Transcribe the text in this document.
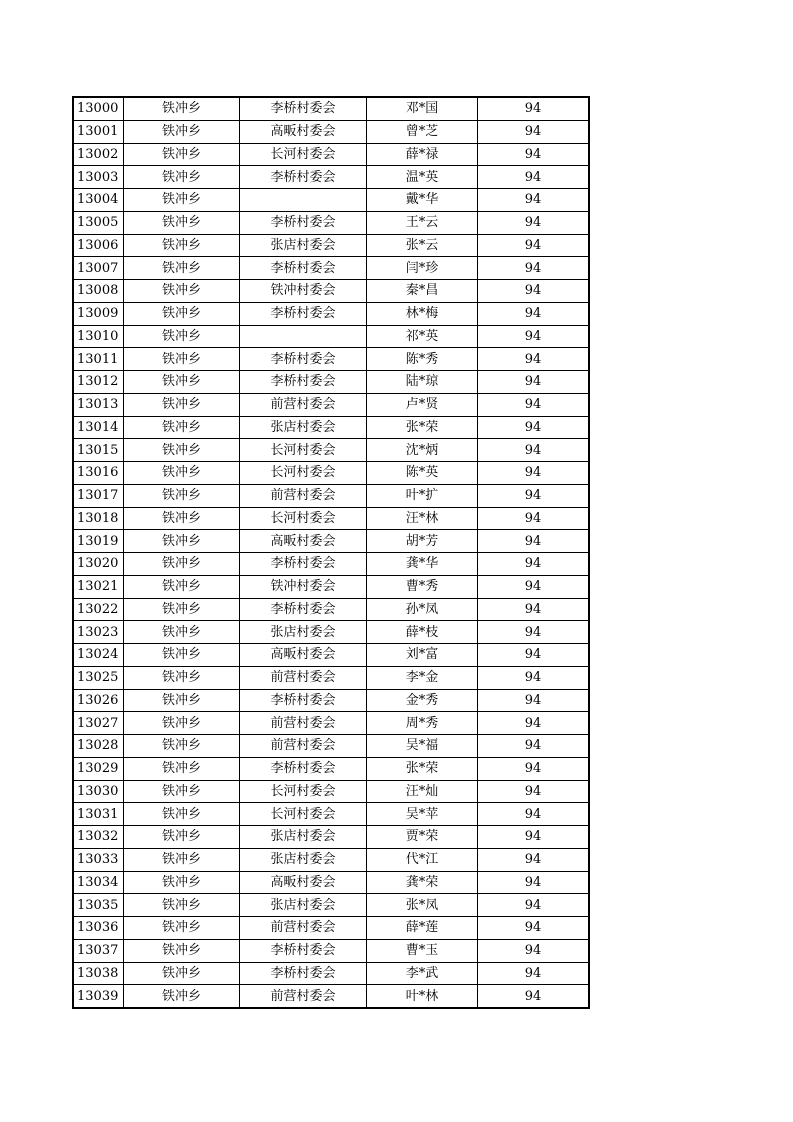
13000	铁冲乡	李桥村委会	邓*国	94
13001	铁冲乡	高畈村委会	曾*芝	94
13002	铁冲乡	长河村委会	薛*禄	94
13003	铁冲乡	李桥村委会	温*英	94
13004	铁冲乡		戴*华	94
13005	铁冲乡	李桥村委会	王*云	94
13006	铁冲乡	张店村委会	张*云	94
13007	铁冲乡	李桥村委会	闫*珍	94
13008	铁冲乡	铁冲村委会	秦*昌	94
13009	铁冲乡	李桥村委会	林*梅	94
13010	铁冲乡		祁*英	94
13011	铁冲乡	李桥村委会	陈*秀	94
13012	铁冲乡	李桥村委会	陆*琼	94
13013	铁冲乡	前营村委会	卢*贤	94
13014	铁冲乡	张店村委会	张*荣	94
13015	铁冲乡	长河村委会	沈*炳	94
13016	铁冲乡	长河村委会	陈*英	94
13017	铁冲乡	前营村委会	叶*扩	94
13018	铁冲乡	长河村委会	汪*林	94
13019	铁冲乡	高畈村委会	胡*芳	94
13020	铁冲乡	李桥村委会	龚*华	94
13021	铁冲乡	铁冲村委会	曹*秀	94
13022	铁冲乡	李桥村委会	孙*凤	94
13023	铁冲乡	张店村委会	薛*枝	94
13024	铁冲乡	高畈村委会	刘*富	94
13025	铁冲乡	前营村委会	李*金	94
13026	铁冲乡	李桥村委会	金*秀	94
13027	铁冲乡	前营村委会	周*秀	94
13028	铁冲乡	前营村委会	吴*福	94
13029	铁冲乡	李桥村委会	张*荣	94
13030	铁冲乡	长河村委会	汪*灿	94
13031	铁冲乡	长河村委会	吴*苹	94
13032	铁冲乡	张店村委会	贾*荣	94
13033	铁冲乡	张店村委会	代*江	94
13034	铁冲乡	高畈村委会	龚*荣	94
13035	铁冲乡	张店村委会	张*凤	94
13036	铁冲乡	前营村委会	薛*莲	94
13037	铁冲乡	李桥村委会	曹*玉	94
13038	铁冲乡	李桥村委会	李*武	94
13039	铁冲乡	前营村委会	叶*林	94
